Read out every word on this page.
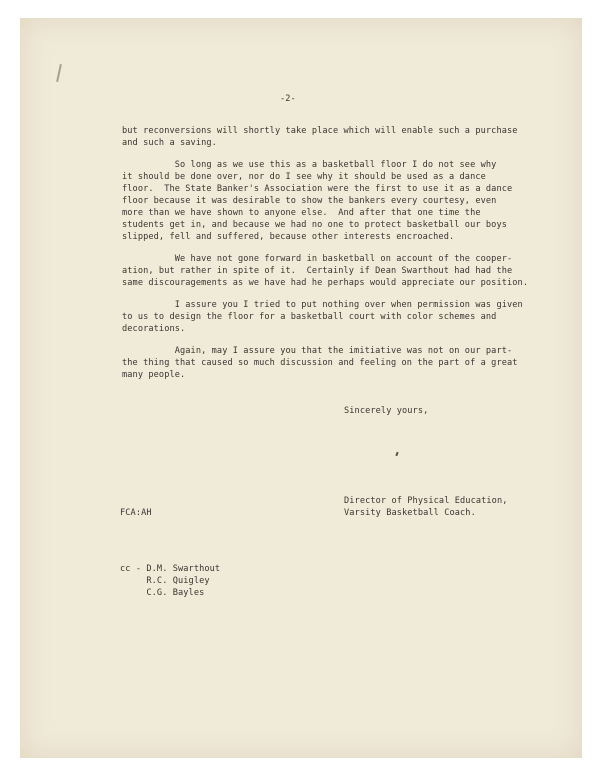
-2-
but reconversions will shortly take place which will enable such a purchase
and such a saving.
So long as we use this as a basketball floor I do not see why
it should be done over, nor do I see why it should be used as a dance
floor.  The State Banker's Association were the first to use it as a dance
floor because it was desirable to show the bankers every courtesy, even
more than we have shown to anyone else.  And after that one time the
students get in, and because we had no one to protect basketball our boys
slipped, fell and suffered, because other interests encroached.
We have not gone forward in basketball on account of the cooper-
ation, but rather in spite of it.  Certainly if Dean Swarthout had had the
same discouragements as we have had he perhaps would appreciate our position.
I assure you I tried to put nothing over when permission was given
to us to design the floor for a basketball court with color schemes and
decorations.
Again, may I assure you that the imitiative was not on our part-
the thing that caused so much discussion and feeling on the part of a great
many people.
Sincerely yours,
Director of Physical Education,
Varsity Basketball Coach.
FCA:AH
cc - D.M. Swarthout
R.C. Quigley
C.G. Bayles
